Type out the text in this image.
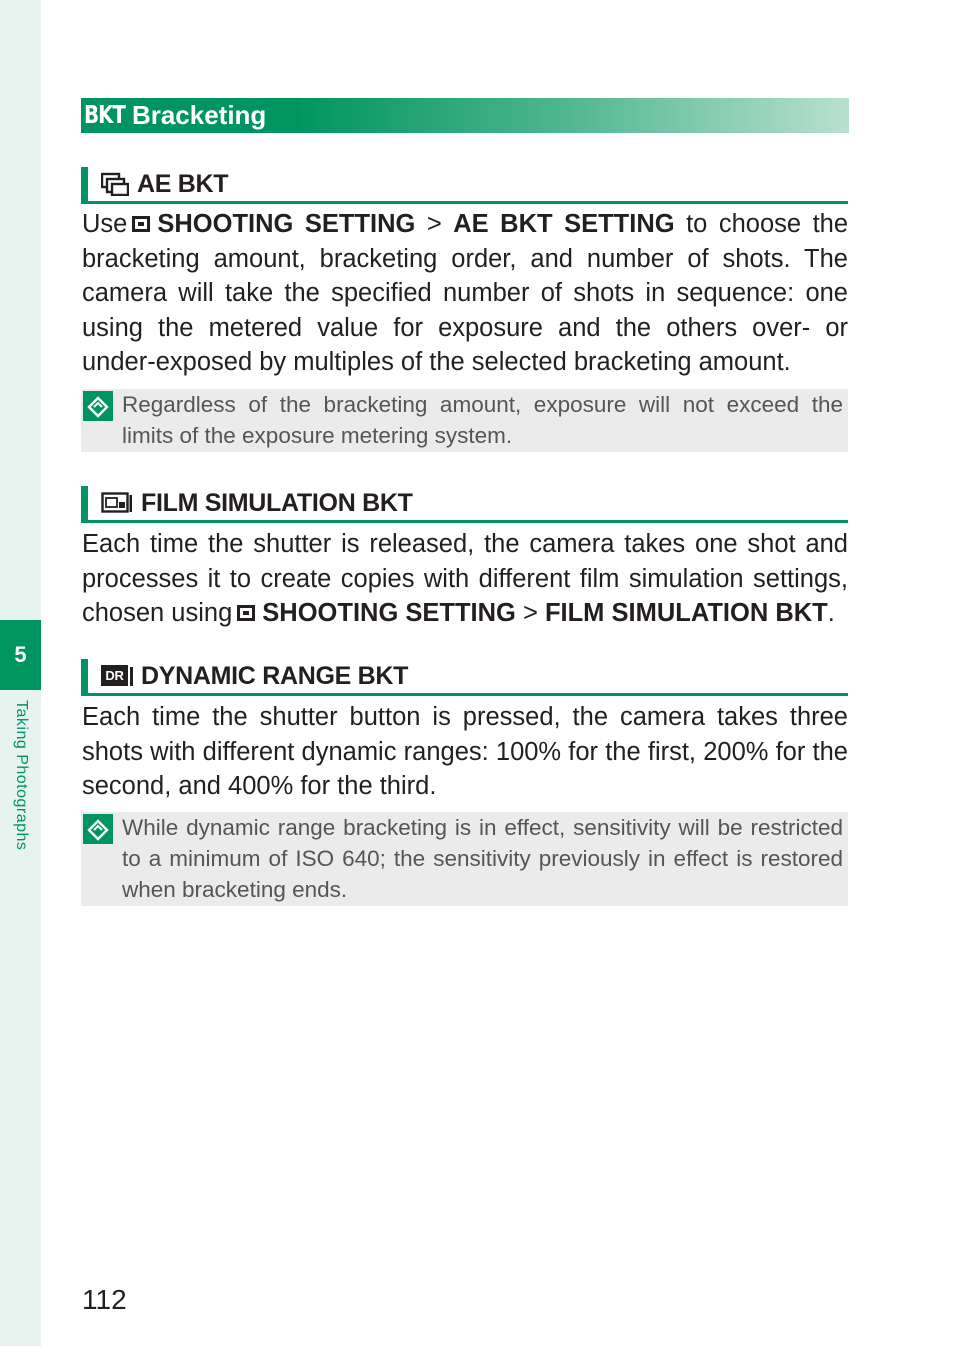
5
Taking Photographs
BKT Bracketing
AE BKT
Use SHOOTING SETTING > AE BKT SETTING to choose the bracketing amount, bracketing order, and number of shots. The camera will take the specified number of shots in sequence: one using the metered value for exposure and the others over- or under-exposed by multiples of the selected bracketing amount.
Regardless of the bracketing amount, exposure will not exceed the limits of the exposure metering system.
FILM SIMULATION BKT
Each time the shutter is released, the camera takes one shot and processes it to create copies with different film simulation settings, chosen using SHOOTING SETTING > FILM SIMULATION BKT.
DR DYNAMIC RANGE BKT
Each time the shutter button is pressed, the camera takes three shots with different dynamic ranges: 100% for the first, 200% for the second, and 400% for the third.
While dynamic range bracketing is in effect, sensitivity will be restricted to a minimum of ISO 640; the sensitivity previously in effect is restored when bracketing ends.
112
